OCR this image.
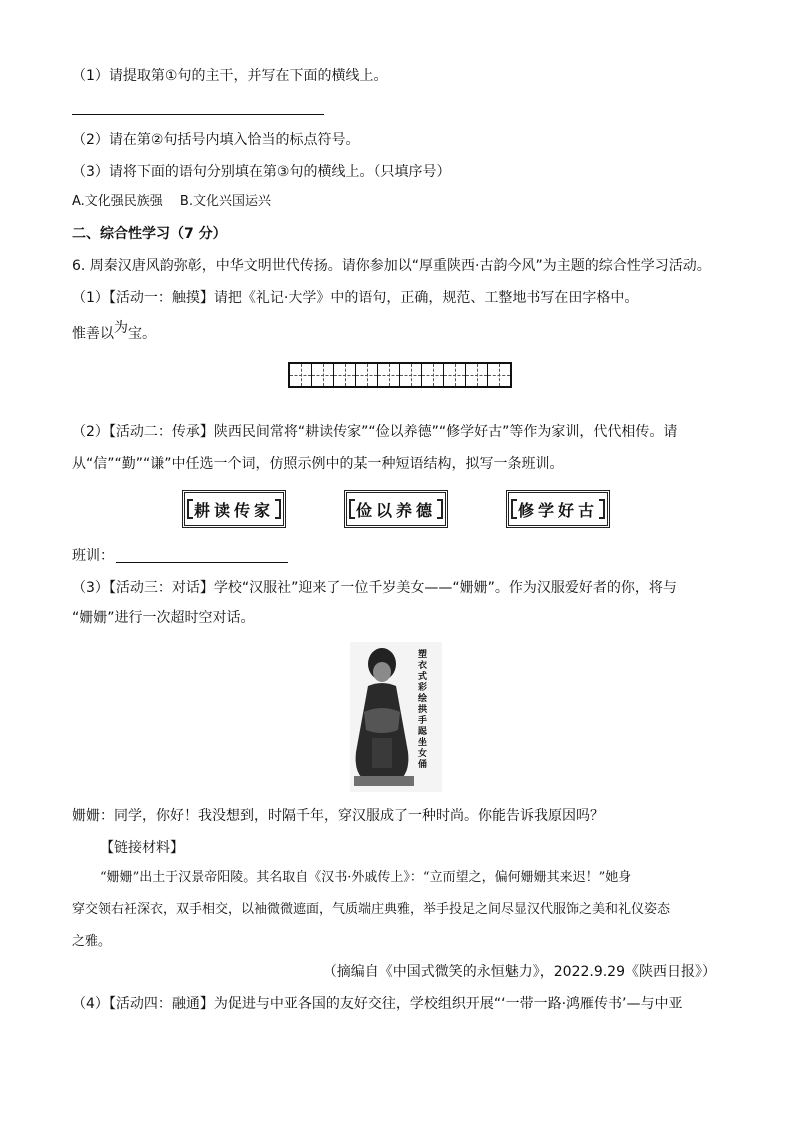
（1）请提取第①句的主干，并写在下面的横线上。
（2）请在第②句括号内填入恰当的标点符号。
（3）请将下面的语句分别填在第③句的横线上。（只填序号）
A.文化强民族强　 B.文化兴国运兴
二、综合性学习（7 分）
6. 周秦汉唐风韵弥彰，中华文明世代传扬。请你参加以“厚重陕西·古韵今风”为主题的综合性学习活动。
（1）【活动一：触摸】请把《礼记·大学》中的语句，正确，规范、工整地书写在田字格中。
惟善以为宝。
（2）【活动二：传承】陕西民间常将“耕读传家”“俭以养德”“修学好古”等作为家训，代代相传。请
从“信”“勤”“谦”中任选一个词，仿照示例中的某一种短语结构，拟写一条班训。
耕读传家	俭以养德	修学好古
班训：
（3）【活动三：对话】学校“汉服社”迎来了一位千岁美女——“姗姗”。作为汉服爱好者的你，将与
“姗姗”进行一次超时空对话。
塑衣式彩绘拱手跽坐女俑
姗姗：同学，你好！我没想到，时隔千年，穿汉服成了一种时尚。你能告诉我原因吗？
【链接材料】
“姗姗”出土于汉景帝阳陵。其名取自《汉书·外戚传上》：“立而望之，偏何姗姗其来迟！”她身
穿交领右衽深衣，双手相交，以袖微微遮面，气质端庄典雅，举手投足之间尽显汉代服饰之美和礼仪姿态
之雅。
（摘编自《中国式微笑的永恒魅力》，2022.9.29《陕西日报》）
（4）【活动四：融通】为促进与中亚各国的友好交往，学校组织开展“‘一带一路·鸿雁传书’—与中亚
